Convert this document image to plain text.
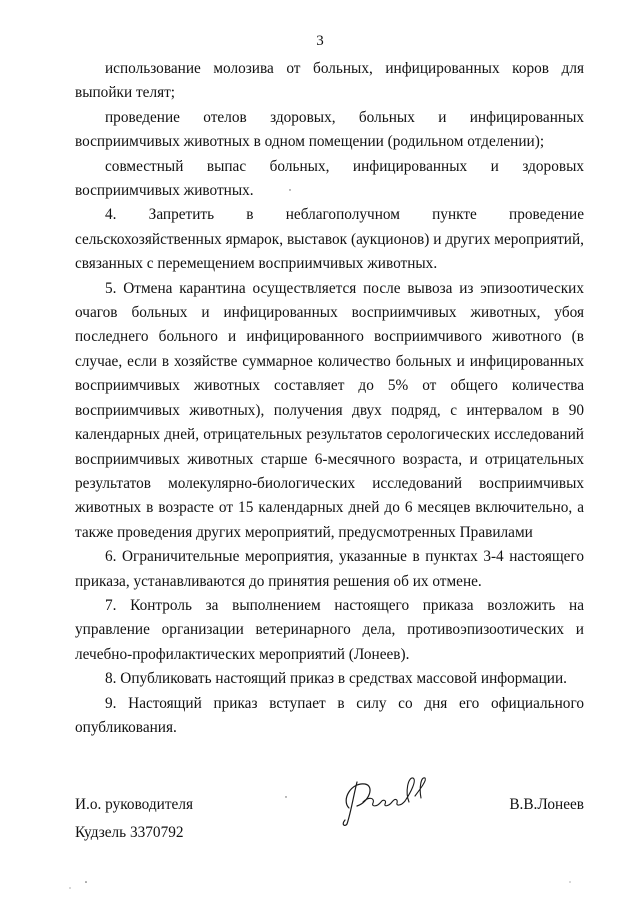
3

использование молозива от больных, инфицированных коров для выпойки телят;

проведение отелов здоровых, больных и инфицированных восприимчивых животных в одном помещении (родильном отделении);

совместный выпас больных, инфицированных и здоровых восприимчивых животных.

4. Запретить в неблагополучном пункте проведение сельскохозяйственных ярмарок, выставок (аукционов) и других мероприятий, связанных с перемещением восприимчивых животных.

5. Отмена карантина осуществляется после вывоза из эпизоотических очагов больных и инфицированных восприимчивых животных, убоя последнего больного и инфицированного восприимчивого животного (в случае, если в хозяйстве суммарное количество больных и инфицированных восприимчивых животных составляет до 5% от общего количества восприимчивых животных), получения двух подряд, с интервалом в 90 календарных дней, отрицательных результатов серологических исследований восприимчивых животных старше 6-месячного возраста, и отрицательных результатов молекулярно-биологических исследований восприимчивых животных в возрасте от 15 календарных дней до 6 месяцев включительно, а также проведения других мероприятий, предусмотренных Правилами

6. Ограничительные мероприятия, указанные в пунктах 3-4 настоящего приказа, устанавливаются до принятия решения об их отмене.

7. Контроль за выполнением настоящего приказа возложить на управление организации ветеринарного дела, противоэпизоотических и лечебно-профилактических мероприятий (Лонеев).

8. Опубликовать настоящий приказ в средствах массовой информации.

9. Настоящий приказ вступает в силу со дня его официального опубликования.

И.о. руководителя	В.В.Лонеев
Кудзель 3370792
